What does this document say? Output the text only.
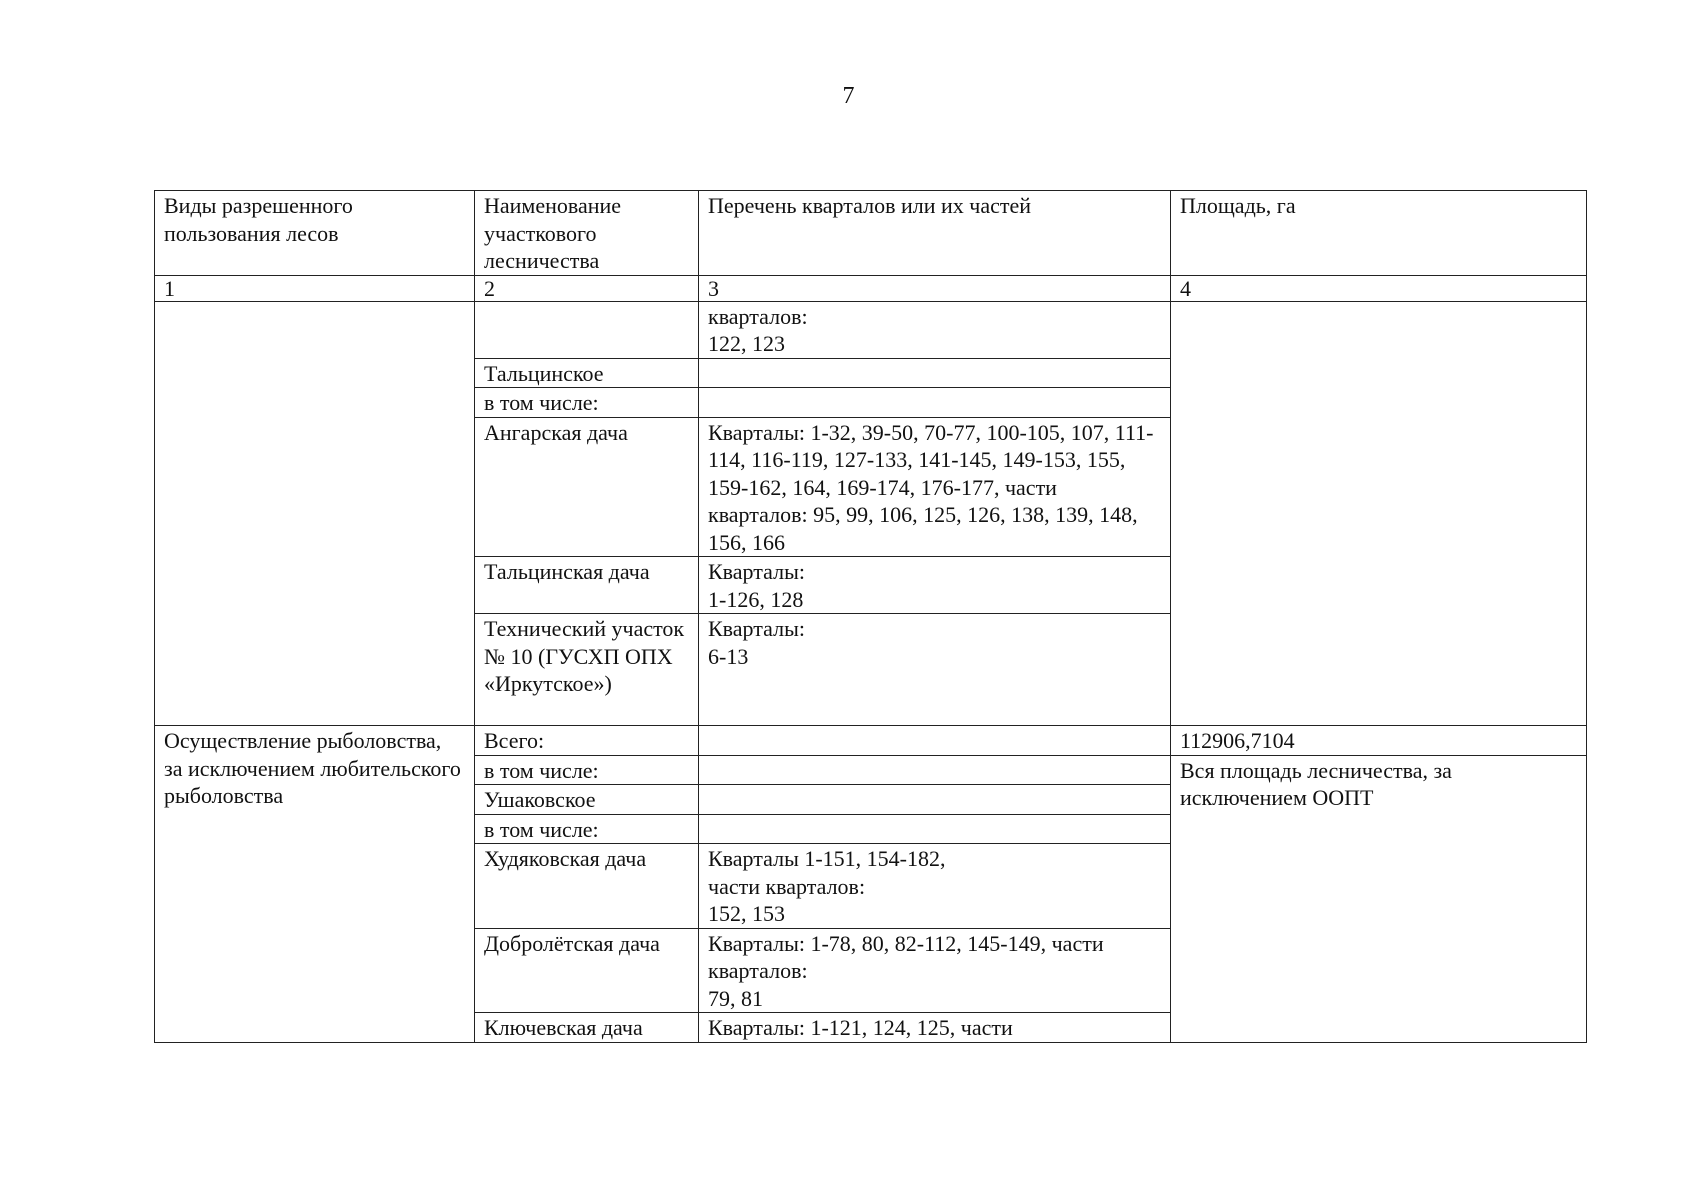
7
Виды разрешенного пользования лесов	Наименование участкового лесничества	Перечень кварталов или их частей	Площадь, га
1	2	3	4

		кварталов:
122, 123	

	Тальцинское		
	в том числе:		
	Ангарская дача	Кварталы: 1-32, 39-50, 70-77, 100-105, 107, 111-114, 116-119, 127-133, 141-145, 149-153, 155, 159-162, 164, 169-174, 176-177, части кварталов: 95, 99, 106, 125, 126, 138, 139, 148, 156, 166	
	Тальцинская дача	Кварталы:
1-126, 128	

	Технический участок № 10 (ГУСХП ОПХ «Иркутское»)	Кварталы:
6-13	

Осуществление рыболовства, за исключением любительского рыболовства	Всего:		112906,7104
	в том числе:		Вся площадь лесничества, за исключением ООПТ
	Ушаковское		
	в том числе:		
	Худяковская дача	Кварталы 1-151, 154-182,
части кварталов:
152, 153	

	Добролётская дача	Кварталы: 1-78, 80, 82-112, 145-149, части кварталов:
79, 81	

	Ключевская дача	Кварталы: 1-121, 124, 125, части	
